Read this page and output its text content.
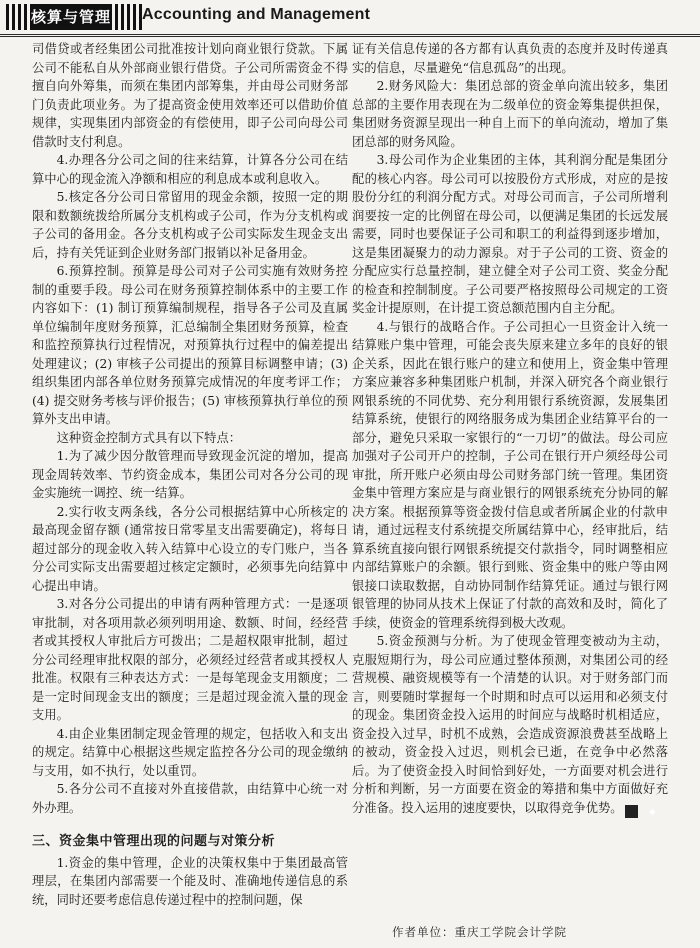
核算与管理 Accounting and Management

司借贷或者经集团公司批准按计划向商业银行贷款。下属公司不能私自从外部商业银行借贷。子公司所需资金不得擅自向外筹集，而须在集团内部筹集，并由母公司财务部门负责此项业务。为了提高资金使用效率还可以借助价值规律，实现集团内部资金的有偿使用，即子公司向母公司借款时支付利息。

4.办理各分公司之间的往来结算，计算各分公司在结算中心的现金流入净额和相应的利息成本或利息收入。

5.核定各分公司日常留用的现金余额，按照一定的期限和数额统拨给所属分支机构或子公司，作为分支机构或子公司的备用金。各分支机构或子公司实际发生现金支出后，持有关凭证到企业财务部门报销以补足备用金。

6.预算控制。预算是母公司对子公司实施有效财务控制的重要手段。母公司在财务预算控制体系中的主要工作内容如下：(1) 制订预算编制规程，指导各子公司及直属单位编制年度财务预算，汇总编制全集团财务预算，检查和监控预算执行过程情况，对预算执行过程中的偏差提出处理建议；(2) 审核子公司提出的预算目标调整申请；(3) 组织集团内部各单位财务预算完成情况的年度考评工作；(4) 提交财务考核与评价报告；(5) 审核预算执行单位的预算外支出申请。

这种资金控制方式具有以下特点：

1.为了减少因分散管理而导致现金沉淀的增加，提高现金周转效率、节约资金成本，集团公司对各分公司的现金实施统一调控、统一结算。

2.实行收支两条线，各分公司根据结算中心所核定的最高现金留存额 (通常按日常零星支出需要确定)，将每日超过部分的现金收入转入结算中心设立的专门账户，当各分公司实际支出需要超过核定定额时，必须事先向结算中心提出申请。

3.对各分公司提出的申请有两种管理方式：一是逐项审批制，对各项用款必须列明用途、数额、时间，经经营者或其授权人审批后方可拨出；二是超权限审批制，超过分公司经理审批权限的部分，必须经过经营者或其授权人批准。权限有三种表达方式：一是每笔现金支用额度；二是一定时间现金支出的额度；三是超过现金流入量的现金支用。

4.由企业集团制定现金管理的规定，包括收入和支出的规定。结算中心根据这些规定监控各分公司的现金缴纳与支用，如不执行，处以重罚。

5.各分公司不直接对外直接借款，由结算中心统一对外办理。

三、资金集中管理出现的问题与对策分析

1.资金的集中管理，企业的决策权集中于集团最高管理层，在集团内部需要一个能及时、准确地传递信息的系统，同时还要考虑信息传递过程中的控制问题，保

证有关信息传递的各方都有认真负责的态度并及时传递真实的信息，尽量避免“信息孤岛”的出现。

2.财务风险大：集团总部的资金单向流出较多，集团总部的主要作用表现在为二级单位的资金筹集提供担保，集团财务资源呈现出一种自上而下的单向流动，增加了集团总部的财务风险。

3.母公司作为企业集团的主体，其利润分配是集团分配的核心内容。母公司可以按股份方式形成，对应的是按股份分红的利润分配方式。对母公司而言，子公司所增利润要按一定的比例留在母公司，以便满足集团的长远发展需要，同时也要保证子公司和职工的利益得到逐步增加，这是集团凝聚力的动力源泉。对于子公司的工资、资金的分配应实行总量控制，建立健全对子公司工资、奖金分配的检查和控制制度。子公司要严格按照母公司规定的工资奖金计提原则，在计提工资总额范围内自主分配。

4.与银行的战略合作。子公司担心一旦资金计入统一结算账户集中管理，可能会丧失原来建立多年的良好的银企关系，因此在银行账户的建立和使用上，资金集中管理方案应兼容多种集团账户机制，并深入研究各个商业银行网银系统的不同优势、充分利用银行系统资源，发展集团结算系统，使银行的网络服务成为集团企业结算平台的一部分，避免只采取一家银行的“一刀切”的做法。母公司应加强对子公司开户的控制，子公司在银行开户须经母公司审批，所开账户必须由母公司财务部门统一管理。集团资金集中管理方案应是与商业银行的网银系统充分协同的解决方案。根据预算等资金拨付信息或者所属企业的付款申请，通过远程支付系统提交所属结算中心，经审批后，结算系统直接向银行网银系统提交付款指令，同时调整相应内部结算账户的余额。银行到账、资金集中的账户等由网银接口读取数据，自动协同制作结算凭证。通过与银行网银管理的协同从技术上保证了付款的高效和及时，简化了手续，使资金的管理系统得到极大改观。

5.资金预测与分析。为了使现金管理变被动为主动，克服短期行为，母公司应通过整体预测，对集团公司的经营规模、融资规模等有一个清楚的认识。对于财务部门而言，则要随时掌握每一个时期和时点可以运用和必须支付的现金。集团资金投入运用的时间应与战略时机相适应，资金投入过早，时机不成熟，会造成资源浪费甚至战略上的被动，资金投入过迟，则机会已逝，在竞争中必然落后。为了使资金投入时间恰到好处，一方面要对机会进行分析和判断，另一方面要在资金的筹措和集中方面做好充分准备。投入运用的速度要快，以取得竞争优势。	◆

作者单位：重庆工学院会计学院
